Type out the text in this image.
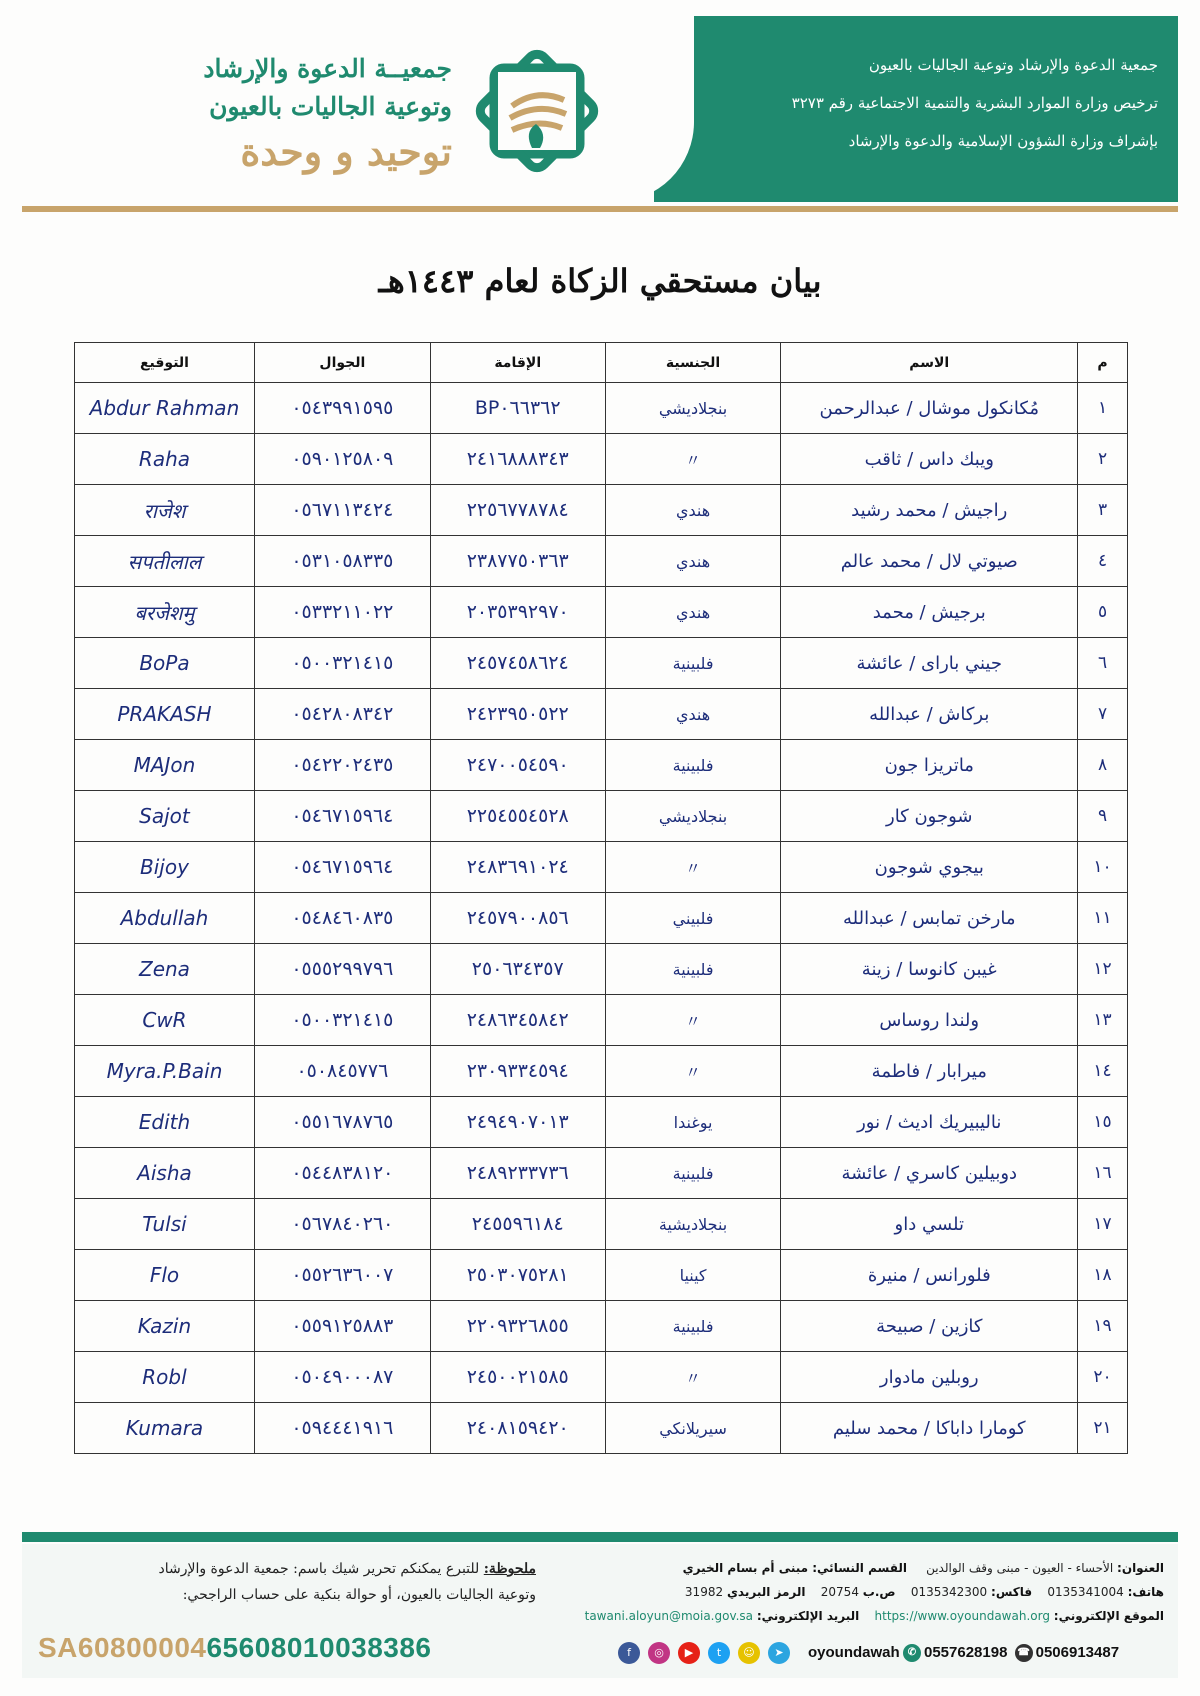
جمعية الدعوة والإرشاد وتوعية الجاليات بالعيون
ترخيص وزارة الموارد البشرية والتنمية الاجتماعية رقم ٣٢٧٣
بإشراف وزارة الشؤون الإسلامية والدعوة والإرشاد
جمعيــة الدعوة والإرشاد
وتوعية الجاليات بالعيون
توحيد و وحدة
بيان مستحقي الزكاة لعام ١٤٤٣هـ
م	الاسم	الجنسية	الإقامة	الجوال	التوقيع
١	مُكانكول موشال / عبدالرحمن	بنجلاديشي	BP٠٦٦٣٦٢	٠٥٤٣٩٩١٥٩٥	Abdur Rahman
٢	ويبك داس / ثاقب	〃	٢٤١٦٨٨٨٣٤٣	٠٥٩٠١٢٥٨٠٩	Raha
٣	راجيش / محمد رشيد	هندي	٢٢٥٦٧٧٨٧٨٤	٠٥٦٧١١٣٤٢٤	राजेश
٤	صيوتي لال / محمد عالم	هندي	٢٣٨٧٧٥٠٣٦٣	٠٥٣١٠٥٨٣٣٥	सपतीलाल
٥	برجيش / محمد	هندي	٢٠٣٥٣٩٢٩٧٠	٠٥٣٣٢١١٠٢٢	बरजेशमु
٦	جيني باراى / عائشة	فلبينية	٢٤٥٧٤٥٨٦٢٤	٠٥٠٠٣٢١٤١٥	BoPa
٧	بركاش / عبدالله	هندي	٢٤٢٣٩٥٠٥٢٢	٠٥٤٢٨٠٨٣٤٢	PRAKASH
٨	ماتريزا جون	فلبينية	٢٤٧٠٠٥٤٥٩٠	٠٥٤٢٢٠٢٤٣٥	MAJon
٩	شوجون كار	بنجلاديشي	٢٢٥٤٥٥٤٥٢٨	٠٥٤٦٧١٥٩٦٤	Sajot
١٠	بيجوي شوجون	〃	٢٤٨٣٦٩١٠٢٤	٠٥٤٦٧١٥٩٦٤	Bijoy
١١	مارخن تمابس / عبدالله	فلبيني	٢٤٥٧٩٠٠٨٥٦	٠٥٤٨٤٦٠٨٣٥	Abdullah
١٢	غيبن كانوسا / زينة	فلبينية	٢٥٠٦٣٤٣٥٧	٠٥٥٥٢٩٩٧٩٦	Zena
١٣	ولندا روساس	〃	٢٤٨٦٣٤٥٨٤٢	٠٥٠٠٣٢١٤١٥	CwR
١٤	ميرابار / فاطمة	〃	٢٣٠٩٣٣٤٥٩٤	٠٥٠٨٤٥٧٧٦	Myra.P.Bain
١٥	ناليبيريك اديث / نور	يوغندا	٢٤٩٤٩٠٧٠١٣	٠٥٥١٦٧٨٧٦٥	Edith
١٦	دوبيلين كاسري / عائشة	فلبينية	٢٤٨٩٢٣٣٧٣٦	٠٥٤٤٨٣٨١٢٠	Aisha
١٧	تلسي داو	بنجلاديشية	٢٤٥٥٩٦١٨٤	٠٥٦٧٨٤٠٢٦٠	Tulsi
١٨	فلورانس / منيرة	كينيا	٢٥٠٣٠٧٥٢٨١	٠٥٥٢٦٣٦٠٠٧	Flo
١٩	كازين / صبيحة	فلبينية	٢٢٠٩٣٢٦٨٥٥	٠٥٥٩١٢٥٨٨٣	Kazin
٢٠	روبلين مادوار	〃	٢٤٥٠٠٢١٥٨٥	٠٥٠٤٩٠٠٠٨٧	Robl
٢١	كومارا داباكا / محمد سليم	سيريلانكي	٢٤٠٨١٥٩٤٢٠	٠٥٩٤٤٤١٩١٦	Kumara
العنوان: الأحساء - العيون - مبنى وقف الوالدين     القسم النسائي: مبنى أم بسام الخيري
هاتف: 0135341004    فاكس: 0135342300    ص.ب 20754    الرمز البريدي 31982
الموقع الإلكتروني: https://www.oyoundawah.org    البريد الإلكتروني: tawani.aloyun@moia.gov.sa
ملحوظة: للتبرع يمكنكم تحرير شيك باسم: جمعية الدعوة والإرشاد
وتوعية الجاليات بالعيون، أو حوالة بنكية على حساب الراجحي:
SA6080000465608010038386	f	◎	▶	t	☺	➤	oyoundawah ✆ 0557628198 ☎ 0506913487
